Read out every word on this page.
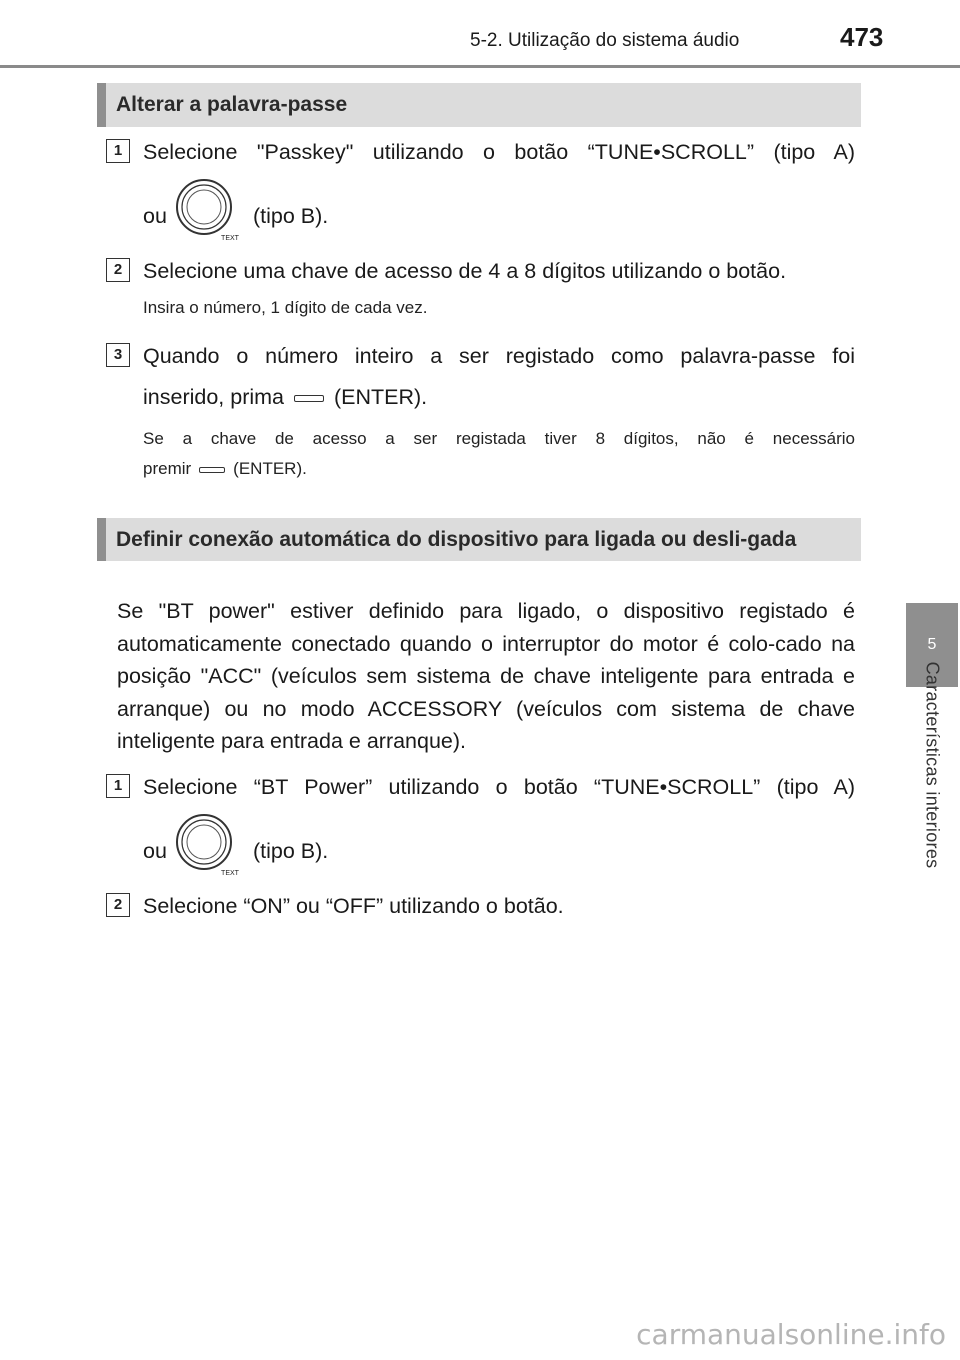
5-2. Utilização do sistema áudio	473
5
Características interiores
Alterar a palavra-passe
1 Selecione "Passkey" utilizando o botão “TUNE•SCROLL” (tipo A)
ou
TEXT
(tipo B).
2 Selecione uma chave de acesso de 4 a 8 dígitos utilizando o botão.
Insira o número, 1 dígito de cada vez.
3 Quando o número inteiro a ser registado como palavra-passe foi
inserido, prima (ENTER).
Se a chave de acesso a ser registada tiver 8 dígitos, não é necessário
premir (ENTER).
Definir conexão automática do dispositivo para ligada ou desli-gada
Se "BT power" estiver definido para ligado, o dispositivo registado é automaticamente conectado quando o interruptor do motor é colo-cado na posição "ACC" (veículos sem sistema de chave inteligente para entrada e arranque) ou no modo ACCESSORY (veículos com sistema de chave inteligente para entrada e arranque).
1 Selecione “BT Power” utilizando o botão “TUNE•SCROLL” (tipo A)
ou
TEXT
(tipo B).
2 Selecione “ON” ou “OFF” utilizando o botão.
carmanualsonline.info
